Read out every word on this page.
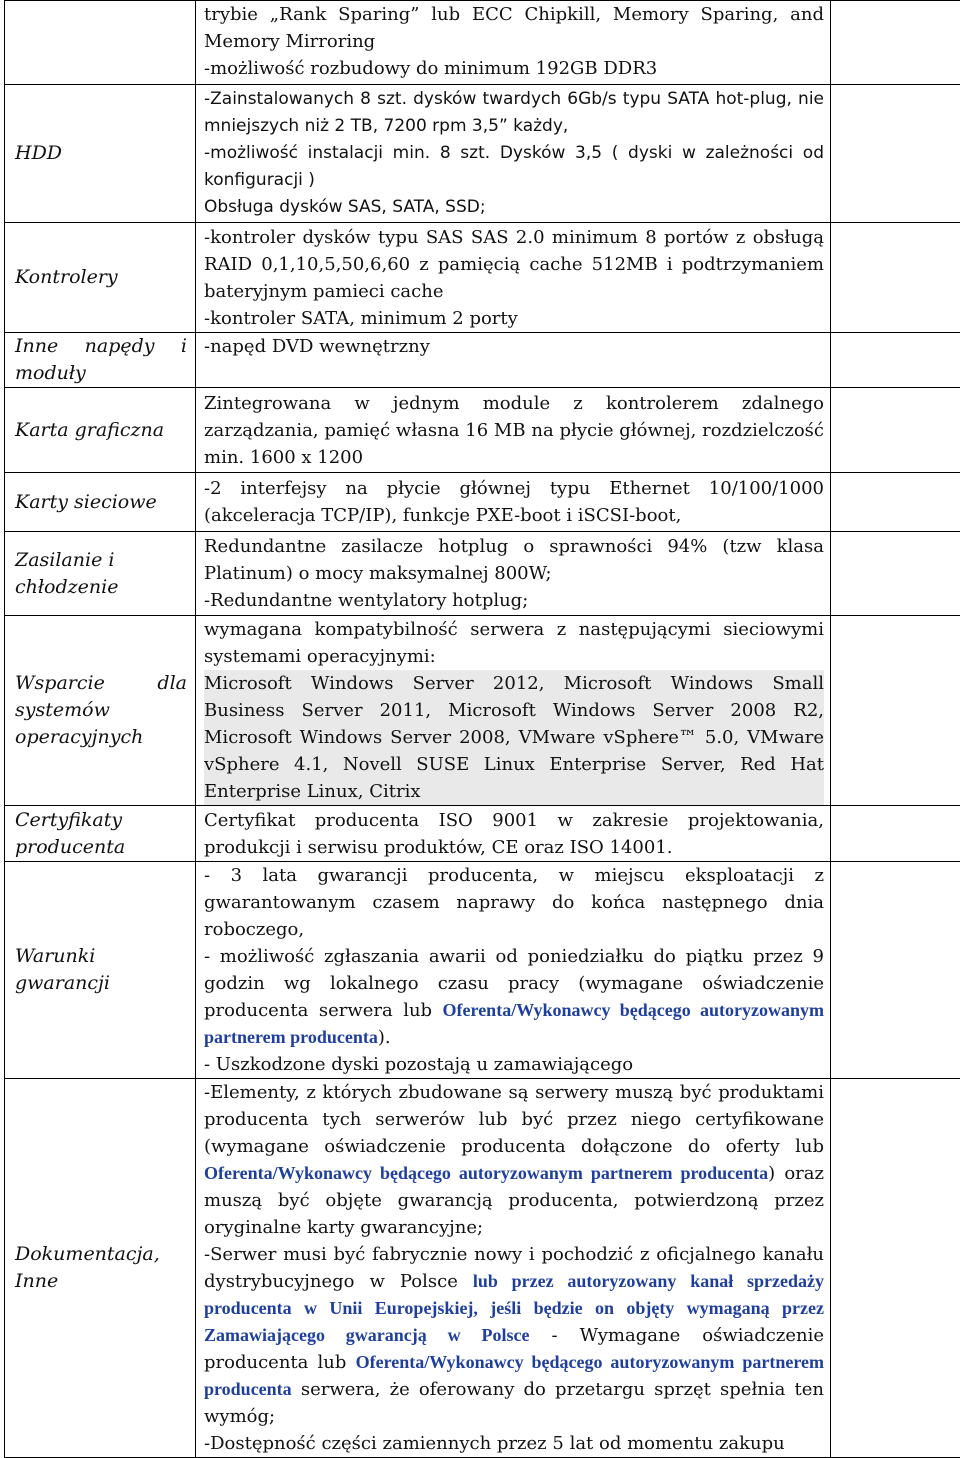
	trybie „Rank Sparing” lub ECC Chipkill, Memory Sparing, and Memory Mirroring
-możliwość rozbudowy do minimum 192GB DDR3	

HDD	-Zainstalowanych 8 szt. dysków twardych 6Gb/s typu SATA hot-plug, nie mniejszych niż 2 TB, 7200 rpm 3,5” każdy,
-możliwość instalacji min. 8 szt. Dysków 3,5 ( dyski w zależności od konfiguracji )
Obsługa dysków SAS, SATA, SSD;	

Kontrolery	-kontroler dysków typu SAS SAS 2.0 minimum 8 portów z obsługą RAID 0,1,10,5,50,6,60 z pamięcią cache 512MB i podtrzymaniem bateryjnym pamieci cache
-kontroler SATA, minimum 2 porty	

Inne napędy i moduły	-napęd DVD wewnętrzny	

Karta graficzna	Zintegrowana w jednym module z kontrolerem zdalnego zarządzania, pamięć własna 16 MB na płycie głównej, rozdzielczość min. 1600 x 1200	

Karty sieciowe	-2 interfejsy na płycie głównej typu Ethernet 10/100/1000 (akceleracja TCP/IP), funkcje PXE-boot i iSCSI-boot,	

Zasilanie i chłodzenie	Redundantne zasilacze hotplug o sprawności 94% (tzw klasa Platinum) o mocy maksymalnej 800W;
-Redundantne wentylatory hotplug;	

Wsparcie dla systemów operacyjnych	wymagana kompatybilność serwera z następującymi sieciowymi systemami operacyjnymi:
Microsoft Windows Server 2012, Microsoft Windows Small Business Server 2011, Microsoft Windows Server 2008 R2, Microsoft Windows Server 2008, VMware vSphere™ 5.0, VMware vSphere 4.1, Novell SUSE Linux Enterprise Server, Red Hat Enterprise Linux, Citrix	

Certyfikaty producenta	Certyfikat producenta ISO 9001 w zakresie projektowania, produkcji i serwisu produktów, CE oraz ISO 14001.	

Warunki gwarancji	- 3 lata gwarancji producenta, w miejscu eksploatacji z gwarantowanym czasem naprawy do końca następnego dnia roboczego,
- możliwość zgłaszania awarii od poniedziałku do piątku przez 9 godzin wg lokalnego czasu pracy (wymagane oświadczenie producenta serwera lub Oferenta/Wykonawcy będącego autoryzowanym partnerem producenta).
- Uszkodzone dyski pozostają u zamawiającego	

Dokumentacja, Inne	-Elementy, z których zbudowane są serwery muszą być produktami producenta tych serwerów lub być przez niego certyfikowane (wymagane oświadczenie producenta dołączone do oferty lub Oferenta/Wykonawcy będącego autoryzowanym partnerem producenta) oraz muszą być objęte gwarancją producenta, potwierdzoną przez oryginalne karty gwarancyjne;
-Serwer musi być fabrycznie nowy i pochodzić z oficjalnego kanału dystrybucyjnego w Polsce lub przez autoryzowany kanał sprzedaży producenta w Unii Europejskiej, jeśli będzie on objęty wymaganą przez Zamawiającego gwarancją w Polsce - Wymagane oświadczenie producenta lub Oferenta/Wykonawcy będącego autoryzowanym partnerem producenta serwera, że oferowany do przetargu sprzęt spełnia ten wymóg;
-Dostępność części zamiennych przez 5 lat od momentu zakupu	
